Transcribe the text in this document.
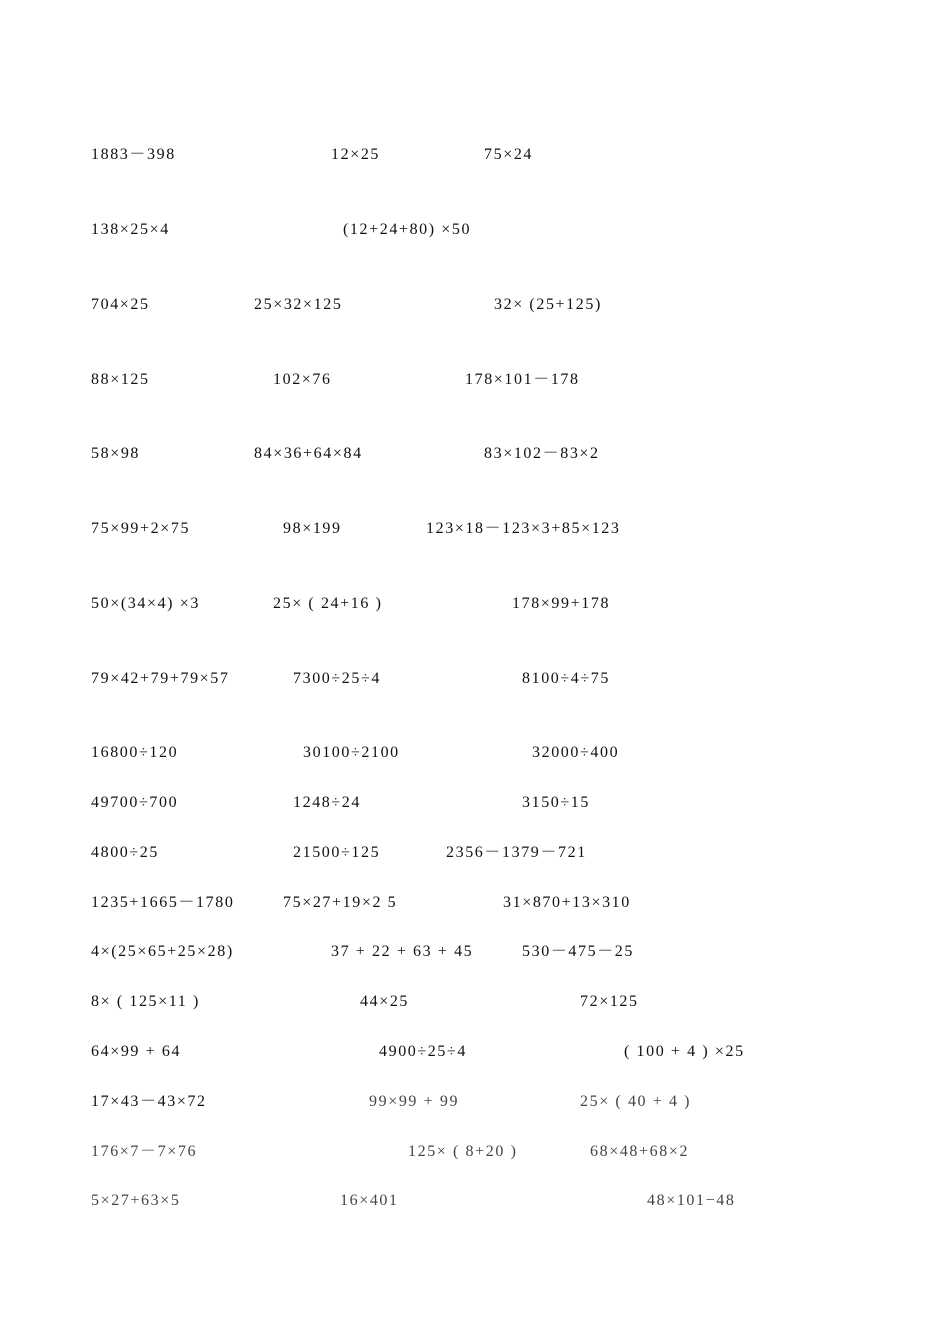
1883－398	12×25	75×24
138×25×4	(12+24+80) ×50
704×25	25×32×125	32× (25+125)
88×125	102×76	178×101－178
58×98	84×36+64×84	83×102－83×2
75×99+2×75	98×199	123×18－123×3+85×123
50×(34×4) ×3	25× ( 24+16 )	178×99+178
79×42+79+79×57	7300÷25÷4	8100÷4÷75
16800÷120	30100÷2100	32000÷400
49700÷700	1248÷24	3150÷15
4800÷25	21500÷125	2356－1379－721
1235+1665－1780	75×27+19×2 5	31×870+13×310
4×(25×65+25×28)	37 + 22 + 63 + 45	530－475－25
8× ( 125×11 )	44×25	72×125
64×99 + 64	4900÷25÷4	( 100 + 4 ) ×25
17×43－43×72	99×99 + 99	25× ( 40 + 4 )
176×7－7×76	125× ( 8+20 )	68×48+68×2
5×27+63×5	16×401	48×101−48
